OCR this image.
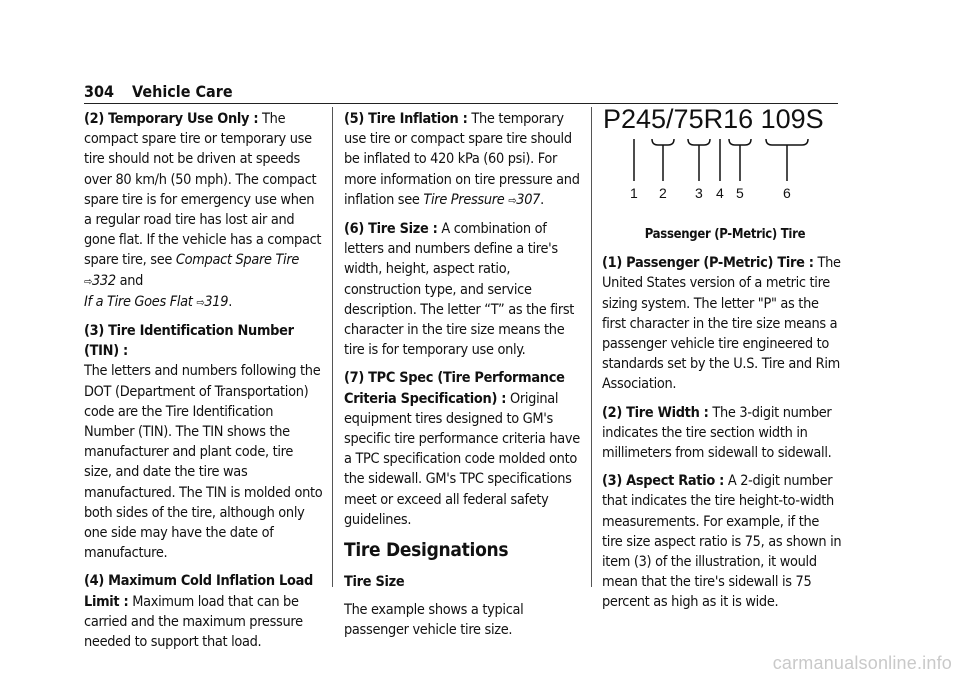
304 Vehicle Care

(2) Temporary Use Only : The compact spare tire or temporary use tire should not be driven at speeds over 80 km/h (50 mph). The compact spare tire is for emergency use when a regular road tire has lost air and gone flat. If the vehicle has a compact spare tire, see Compact Spare Tire ⇨332 and
If a Tire Goes Flat ⇨319.

(3) Tire Identification Number (TIN) :
The letters and numbers following the DOT (Department of Transportation) code are the Tire Identification Number (TIN). The TIN shows the manufacturer and plant code, tire size, and date the tire was manufactured. The TIN is molded onto both sides of the tire, although only one side may have the date of manufacture.

(4) Maximum Cold Inflation Load Limit : Maximum load that can be carried and the maximum pressure needed to support that load.

(5) Tire Inflation : The temporary use tire or compact spare tire should be inflated to 420 kPa (60 psi). For more information on tire pressure and inflation see Tire Pressure ⇨307.

(6) Tire Size : A combination of letters and numbers define a tire's width, height, aspect ratio, construction type, and service description. The letter “T” as the first character in the tire size means the tire is for temporary use only.

(7) TPC Spec (Tire Performance Criteria Specification) : Original equipment tires designed to GM's specific tire performance criteria have a TPC specification code molded onto the sidewall. GM's TPC specifications meet or exceed all federal safety guidelines.

Tire Designations
Tire Size

The example shows a typical passenger vehicle tire size.

P245/75R16 109S
1 2 3 4 5	6

Passenger (P-Metric) Tire

(1) Passenger (P-Metric) Tire : The United States version of a metric tire sizing system. The letter "P" as the first character in the tire size means a passenger vehicle tire engineered to standards set by the U.S. Tire and Rim Association.

(2) Tire Width : The 3-digit number indicates the tire section width in millimeters from sidewall to sidewall.

(3) Aspect Ratio : A 2-digit number that indicates the tire height-to-width measurements. For example, if the tire size aspect ratio is 75, as shown in item (3) of the illustration, it would mean that the tire's sidewall is 75 percent as high as it is wide.

carmanualsonline.info
